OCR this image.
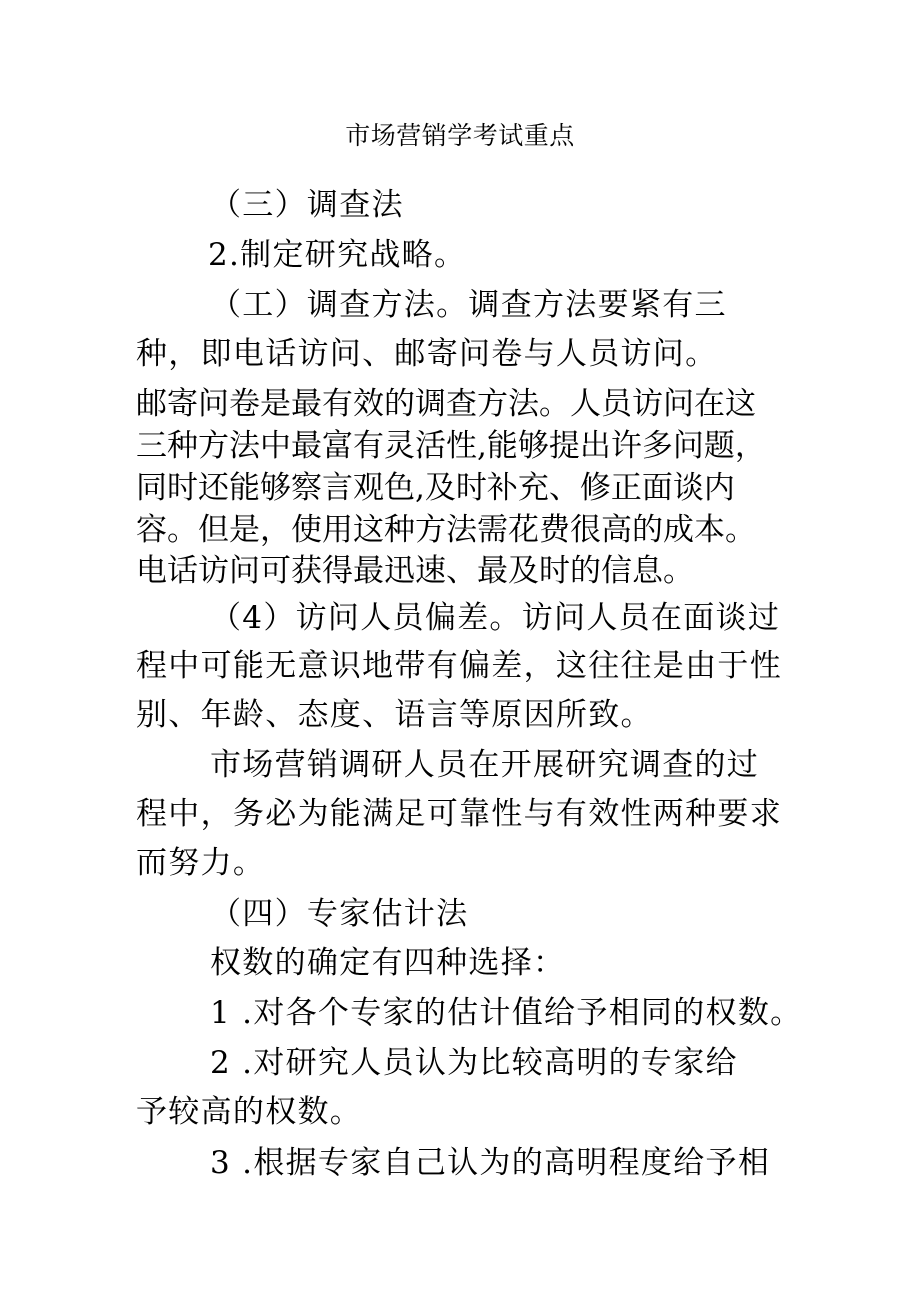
市场营销学考试重点
（三）调查法
2.制定研究战略。
（工）调查方法。调查方法要紧有三
种，即电话访问、邮寄问卷与人员访问。
邮寄问卷是最有效的调查方法。人员访问在这
三种方法中最富有灵活性,能够提出许多问题，
同时还能够察言观色,及时补充、修正面谈内
容。但是，使用这种方法需花费很高的成本。
电话访问可获得最迅速、最及时的信息。
（4）访问人员偏差。访问人员在面谈过
程中可能无意识地带有偏差，这往往是由于性
别、年龄、态度、语言等原因所致。
市场营销调研人员在开展研究调查的过
程中，务必为能满足可靠性与有效性两种要求
而努力。
（四）专家估计法
权数的确定有四种选择：
1 .对各个专家的估计值给予相同的权数。
2 .对研究人员认为比较高明的专家给
予较高的权数。
3 .根据专家自己认为的高明程度给予相
